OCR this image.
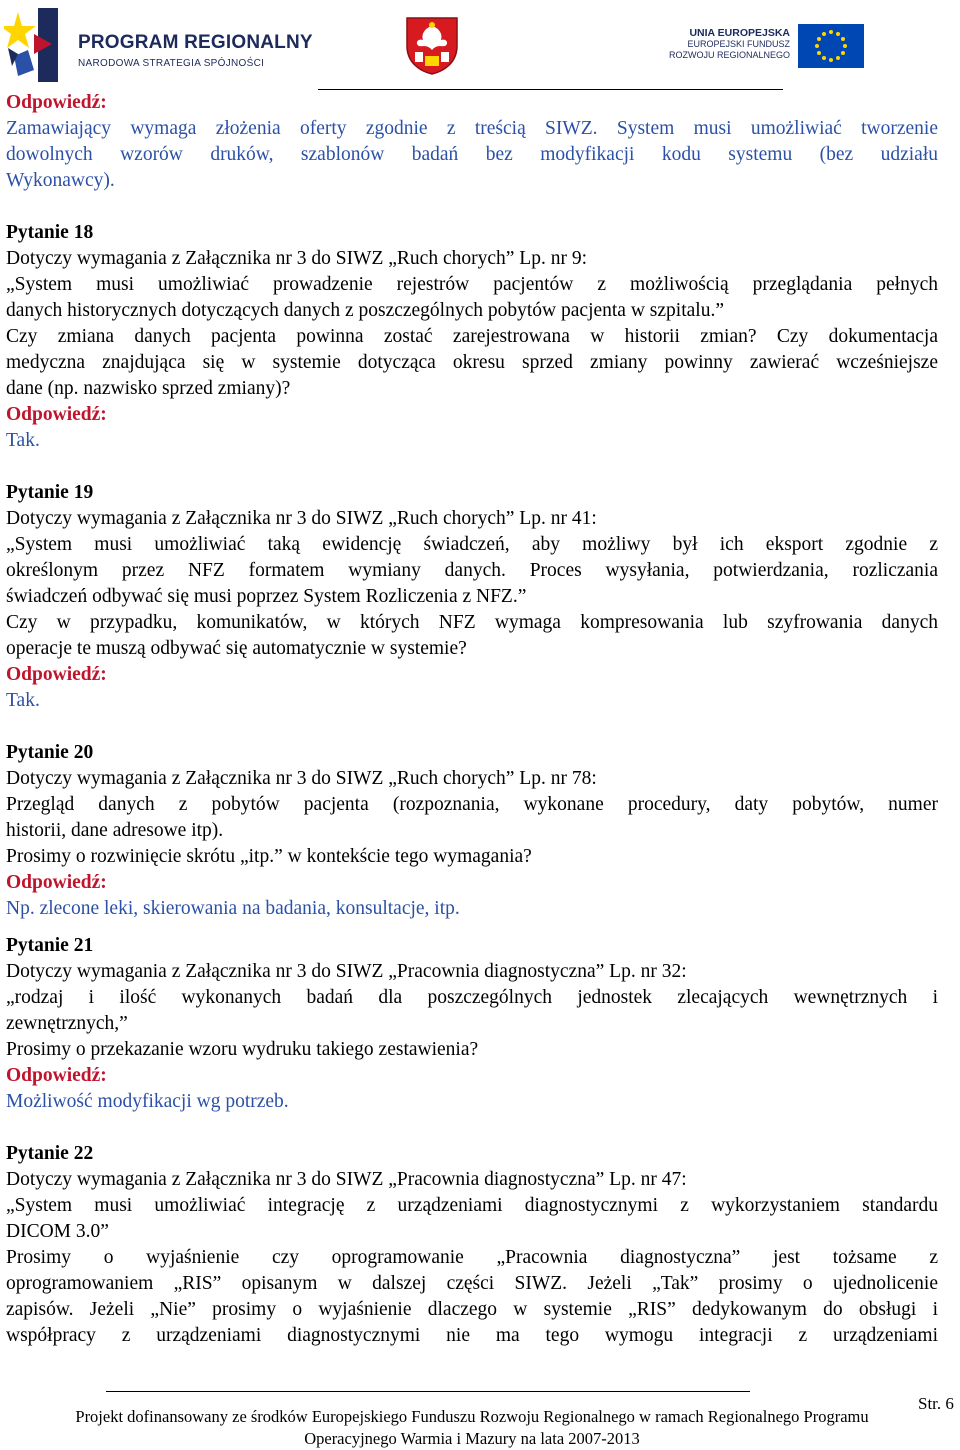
PROGRAM REGIONALNY
NARODOWA STRATEGIA SPÓJNOŚCI
UNIA EUROPEJSKA
EUROPEJSKI FUNDUSZ
ROZWOJU REGIONALNEGO
Odpowiedź:
Zamawiający wymaga złożenia oferty zgodnie z treścią SIWZ. System musi umożliwiać tworzenie
dowolnych wzorów druków, szablonów badań bez modyfikacji kodu systemu (bez udziału
Wykonawcy).
Pytanie 18
Dotyczy wymagania z Załącznika nr 3 do SIWZ „Ruch chorych” Lp. nr 9:
„System musi umożliwiać prowadzenie rejestrów pacjentów z możliwością przeglądania pełnych
danych historycznych dotyczących danych z poszczególnych pobytów pacjenta w szpitalu.”
Czy zmiana danych pacjenta powinna zostać zarejestrowana w historii zmian? Czy dokumentacja
medyczna znajdująca się w systemie dotycząca okresu sprzed zmiany powinny zawierać wcześniejsze
dane (np. nazwisko sprzed zmiany)?
Odpowiedź:
Tak.
Pytanie 19
Dotyczy wymagania z Załącznika nr 3 do SIWZ „Ruch chorych” Lp. nr 41:
„System musi umożliwiać taką ewidencję świadczeń, aby możliwy był ich eksport zgodnie z
określonym przez NFZ formatem wymiany danych. Proces wysyłania, potwierdzania, rozliczania
świadczeń odbywać się musi poprzez System Rozliczenia z NFZ.”
Czy w przypadku, komunikatów, w których NFZ wymaga kompresowania lub szyfrowania danych
operacje te muszą odbywać się automatycznie w systemie?
Odpowiedź:
Tak.
Pytanie 20
Dotyczy wymagania z Załącznika nr 3 do SIWZ „Ruch chorych” Lp. nr 78:
Przegląd danych z pobytów pacjenta (rozpoznania, wykonane procedury, daty pobytów, numer
historii, dane adresowe itp).
Prosimy o rozwinięcie skrótu „itp.” w kontekście tego wymagania?
Odpowiedź:
Np. zlecone leki, skierowania na badania, konsultacje, itp.
Pytanie 21
Dotyczy wymagania z Załącznika nr 3 do SIWZ „Pracownia diagnostyczna” Lp. nr 32:
„rodzaj i ilość wykonanych badań dla poszczególnych jednostek zlecających wewnętrznych i
zewnętrznych,”
Prosimy o przekazanie wzoru wydruku takiego zestawienia?
Odpowiedź:
Możliwość modyfikacji wg potrzeb.
Pytanie 22
Dotyczy wymagania z Załącznika nr 3 do SIWZ „Pracownia diagnostyczna” Lp. nr 47:
„System musi umożliwiać integrację z urządzeniami diagnostycznymi z wykorzystaniem standardu
DICOM 3.0”
Prosimy o wyjaśnienie czy oprogramowanie „Pracownia diagnostyczna” jest tożsame z
oprogramowaniem „RIS” opisanym w dalszej części SIWZ. Jeżeli „Tak” prosimy o ujednolicenie
zapisów. Jeżeli „Nie” prosimy o wyjaśnienie dlaczego w systemie „RIS” dedykowanym do obsługi i
współpracy z urządzeniami diagnostycznymi nie ma tego wymogu integracji z urządzeniami
Str. 6
Projekt dofinansowany ze środków Europejskiego Funduszu Rozwoju Regionalnego w ramach Regionalnego Programu
Operacyjnego Warmia i Mazury na lata 2007-2013
